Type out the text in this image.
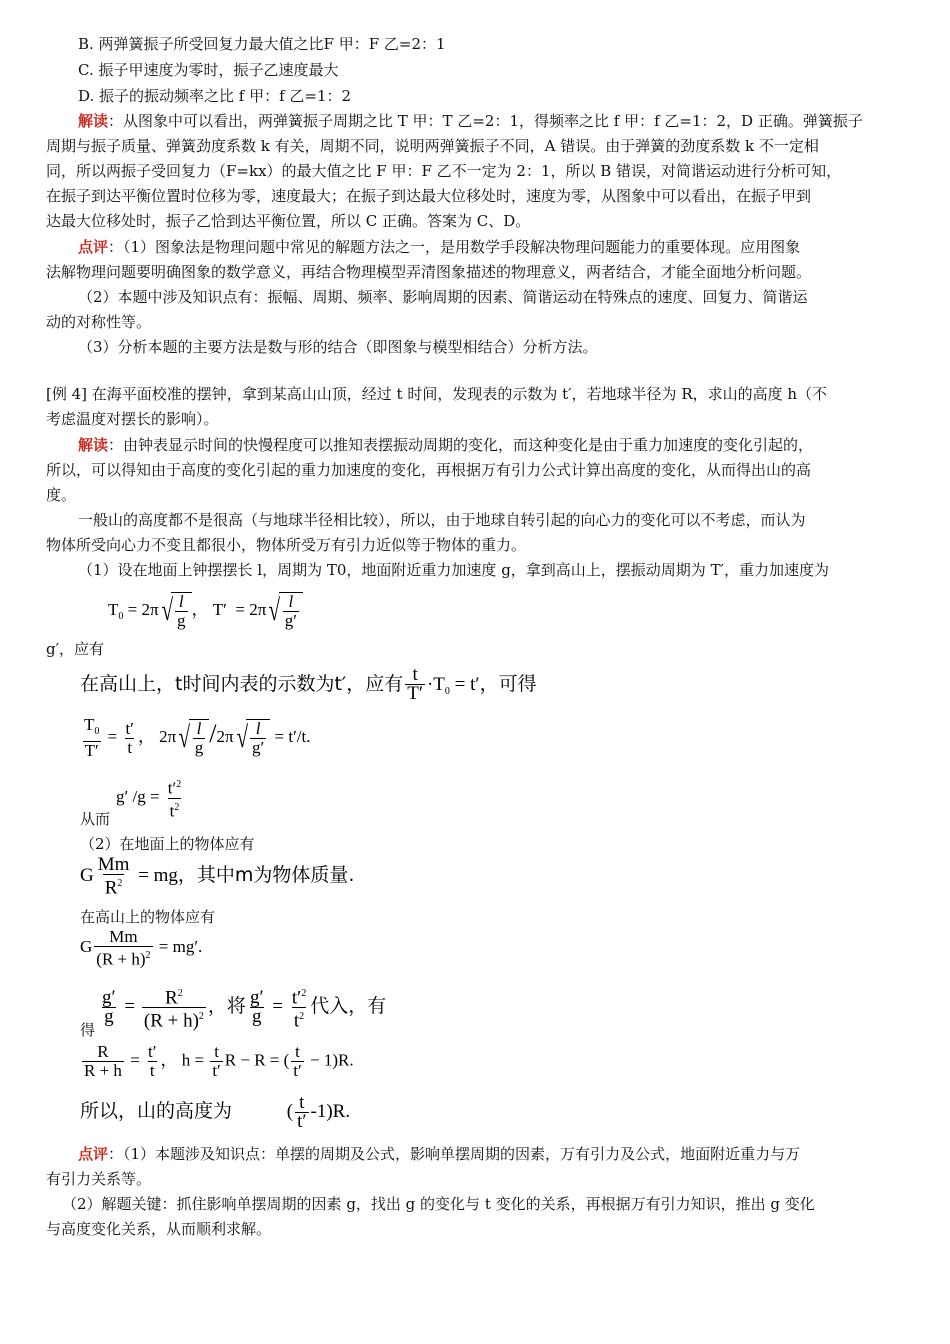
B. 两弹簧振子所受回复力最大值之比F 甲：F 乙=2：1
C. 振子甲速度为零时，振子乙速度最大
D. 振子的振动频率之比 f 甲：f 乙=1：2
解读：从图象中可以看出，两弹簧振子周期之比 T 甲：T 乙=2：1，得频率之比 f 甲：f 乙=1：2，D 正确。弹簧振子
周期与振子质量、弹簧劲度系数 k 有关，周期不同，说明两弹簧振子不同，A 错误。由于弹簧的劲度系数 k 不一定相
同，所以两振子受回复力（F=kx）的最大值之比 F 甲：F 乙不一定为 2：1，所以 B 错误，对简谐运动进行分析可知，
在振子到达平衡位置时位移为零，速度最大；在振子到达最大位移处时，速度为零，从图象中可以看出，在振子甲到
达最大位移处时，振子乙恰到达平衡位置，所以 C 正确。答案为 C、D。
点评：（1）图象法是物理问题中常见的解题方法之一，是用数学手段解决物理问题能力的重要体现。应用图象
法解物理问题要明确图象的数学意义，再结合物理模型弄清图象描述的物理意义，两者结合，才能全面地分析问题。
（2）本题中涉及知识点有：振幅、周期、频率、影响周期的因素、简谐运动在特殊点的速度、回复力、简谐运
动的对称性等。
（3）分析本题的主要方法是数与形的结合（即图象与模型相结合）分析方法。
[例 4] 在海平面校准的摆钟，拿到某高山山顶，经过 t 时间，发现表的示数为 t′，若地球半径为 R，求山的高度 h（不
考虑温度对摆长的影响）。
解读：由钟表显示时间的快慢程度可以推知表摆振动周期的变化，而这种变化是由于重力加速度的变化引起的，
所以，可以得知由于高度的变化引起的重力加速度的变化，再根据万有引力公式计算出高度的变化，从而得出山的高
度。
一般山的高度都不是很高（与地球半径相比较），所以，由于地球自转引起的向心力的变化可以不考虑，而认为
物体所受向心力不变且都很小，物体所受万有引力近似等于物体的重力。
（1）设在地面上钟摆摆长 l，周期为 T0，地面附近重力加速度 g，拿到高山上，摆振动周期为 T′，重力加速度为
$T_0 = 2\pi$ √ $\frac{l}{g}$ ， T′  = 2π √ $\frac{l}{g'}$
g′，应有
在高山上，t时间内表的示数为t′，应有 $\frac{t}{T'} \cdot T_0 = t'$，可得
$\frac{T_0}{T'} = \frac{t'}{t}$ ， 2π √ $\frac{l}{g} /2\pi$ √ $\frac{l}{g'} = t'/t$.
从而
g′ $/g = \frac{t'^2}{t^2}$
（2）在地面上的物体应有
G $\frac{Mm}{R^2}$ = mg，其中m为物体质量.
在高山上的物体应有
G $\frac{Mm}{(R + h)^2} = mg'$.
得
$\frac{g'}{g} = \frac{R^2}{(R + h)^2}$ ，将 $\frac{g'}{g} = \frac{t'^2}{t^2}$ 代入，有
$\frac{R}{R + h} = \frac{t'}{t}$ ， $h = \frac{t}{t'}$ R − R = ( $\frac{t}{t'} - 1)R$.
所以，山的高度为	( $\frac{t}{t'} -1)R$.
点评：（1）本题涉及知识点：单摆的周期及公式，影响单摆周期的因素，万有引力及公式，地面附近重力与万
有引力关系等。
（2）解题关键：抓住影响单摆周期的因素 g，找出 g 的变化与 t 变化的关系，再根据万有引力知识，推出 g 变化
与高度变化关系，从而顺利求解。
